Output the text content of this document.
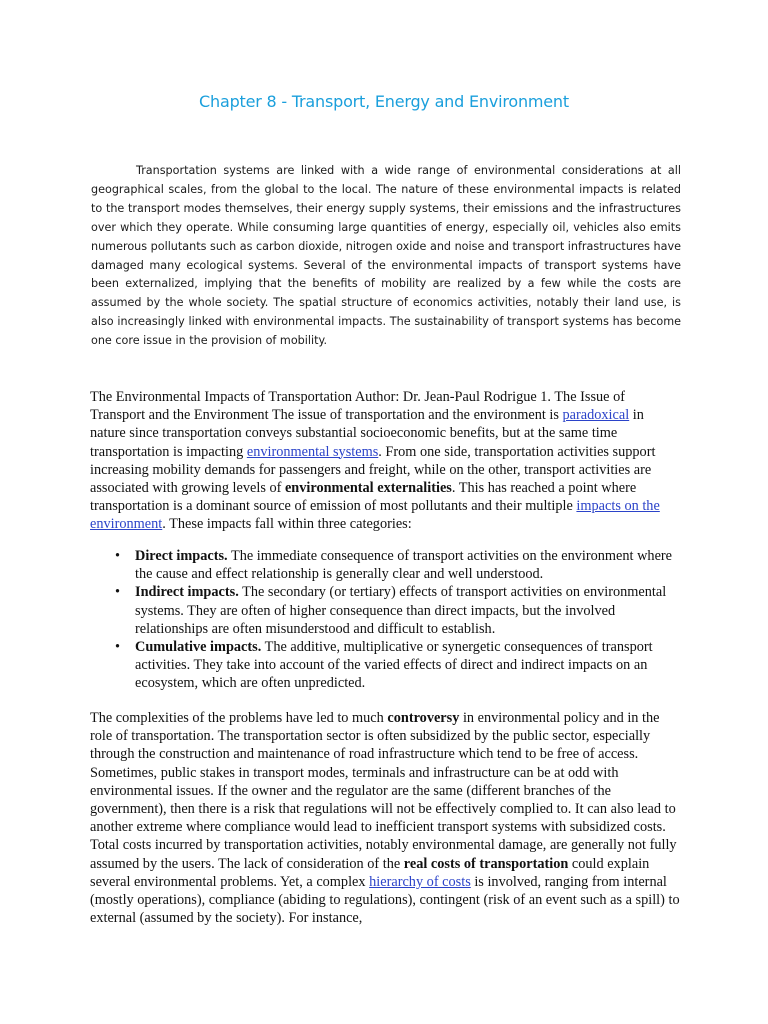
Chapter 8 - Transport, Energy and Environment

Transportation systems are linked with a wide range of environmental considerations at all geographical scales, from the global to the local. The nature of these environmental impacts is related to the transport modes themselves, their energy supply systems, their emissions and the infrastructures over which they operate. While consuming large quantities of energy, especially oil, vehicles also emits numerous pollutants such as carbon dioxide, nitrogen oxide and noise and transport infrastructures have damaged many ecological systems. Several of the environmental impacts of transport systems have been externalized, implying that the benefits of mobility are realized by a few while the costs are assumed by the whole society. The spatial structure of economics activities, notably their land use, is also increasingly linked with environmental impacts. The sustainability of transport systems has become one core issue in the provision of mobility.

The Environmental Impacts of Transportation Author: Dr. Jean-Paul Rodrigue 1. The Issue of Transport and the Environment The issue of transportation and the environment is paradoxical in nature since transportation conveys substantial socioeconomic benefits, but at the same time transportation is impacting environmental systems. From one side, transportation activities support increasing mobility demands for passengers and freight, while on the other, transport activities are associated with growing levels of environmental externalities. This has reached a point where transportation is a dominant source of emission of most pollutants and their multiple impacts on the environment. These impacts fall within three categories:

• Direct impacts. The immediate consequence of transport activities on the environment where the cause and effect relationship is generally clear and well understood.
• Indirect impacts. The secondary (or tertiary) effects of transport activities on environmental systems. They are often of higher consequence than direct impacts, but the involved relationships are often misunderstood and difficult to establish.
• Cumulative impacts. The additive, multiplicative or synergetic consequences of transport activities. They take into account of the varied effects of direct and indirect impacts on an ecosystem, which are often unpredicted.

The complexities of the problems have led to much controversy in environmental policy and in the role of transportation. The transportation sector is often subsidized by the public sector, especially through the construction and maintenance of road infrastructure which tend to be free of access. Sometimes, public stakes in transport modes, terminals and infrastructure can be at odd with environmental issues. If the owner and the regulator are the same (different branches of the government), then there is a risk that regulations will not be effectively complied to. It can also lead to another extreme where compliance would lead to inefficient transport systems with subsidized costs. Total costs incurred by transportation activities, notably environmental damage, are generally not fully assumed by the users. The lack of consideration of the real costs of transportation could explain several environmental problems. Yet, a complex hierarchy of costs is involved, ranging from internal (mostly operations), compliance (abiding to regulations), contingent (risk of an event such as a spill) to external (assumed by the society). For instance,
